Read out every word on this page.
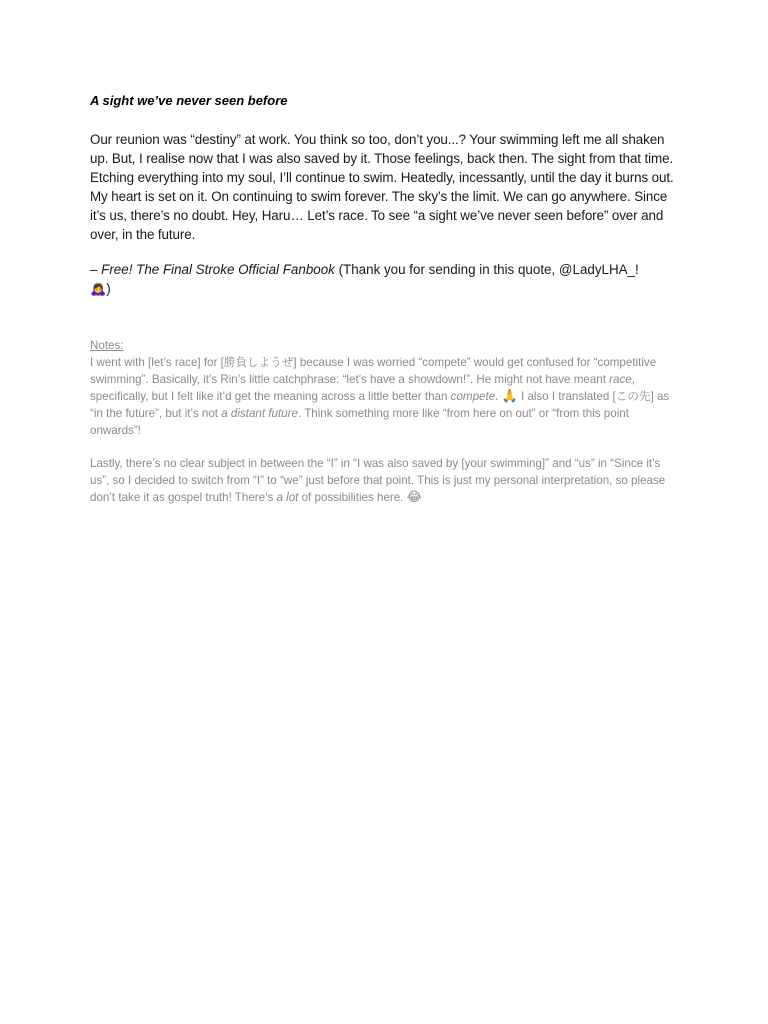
A sight we’ve never seen before

Our reunion was “destiny” at work. You think so too, don’t you...? Your swimming left me all shaken up. But, I realise now that I was also saved by it. Those feelings, back then. The sight from that time. Etching everything into my soul, I’ll continue to swim. Heatedly, incessantly, until the day it burns out. My heart is set on it. On continuing to swim forever. The sky’s the limit. We can go anywhere. Since it’s us, there’s no doubt. Hey, Haru… Let’s race. To see “a sight we’ve never seen before” over and over, in the future.

– Free! The Final Stroke Official Fanbook (Thank you for sending in this quote, @LadyLHA_!
🙇‍♀️)

Notes:

I went with [let’s race] for [勝負しようぜ] because I was worried “compete” would get confused for “competitive swimming”. Basically, it’s Rin’s little catchphrase: “let’s have a showdown!”. He might not have meant race, specifically, but I felt like it’d get the meaning across a little better than compete. 🙏 I also I translated [この先] as “in the future”, but it’s not a distant future. Think something more like “from here on out” or “from this point onwards”!

Lastly, there’s no clear subject in between the “I” in “I was also saved by [your swimming]” and “us” in “Since it’s us”, so I decided to switch from “I” to “we” just before that point. This is just my personal interpretation, so please don’t take it as gospel truth! There’s a lot of possibilities here. 😂
